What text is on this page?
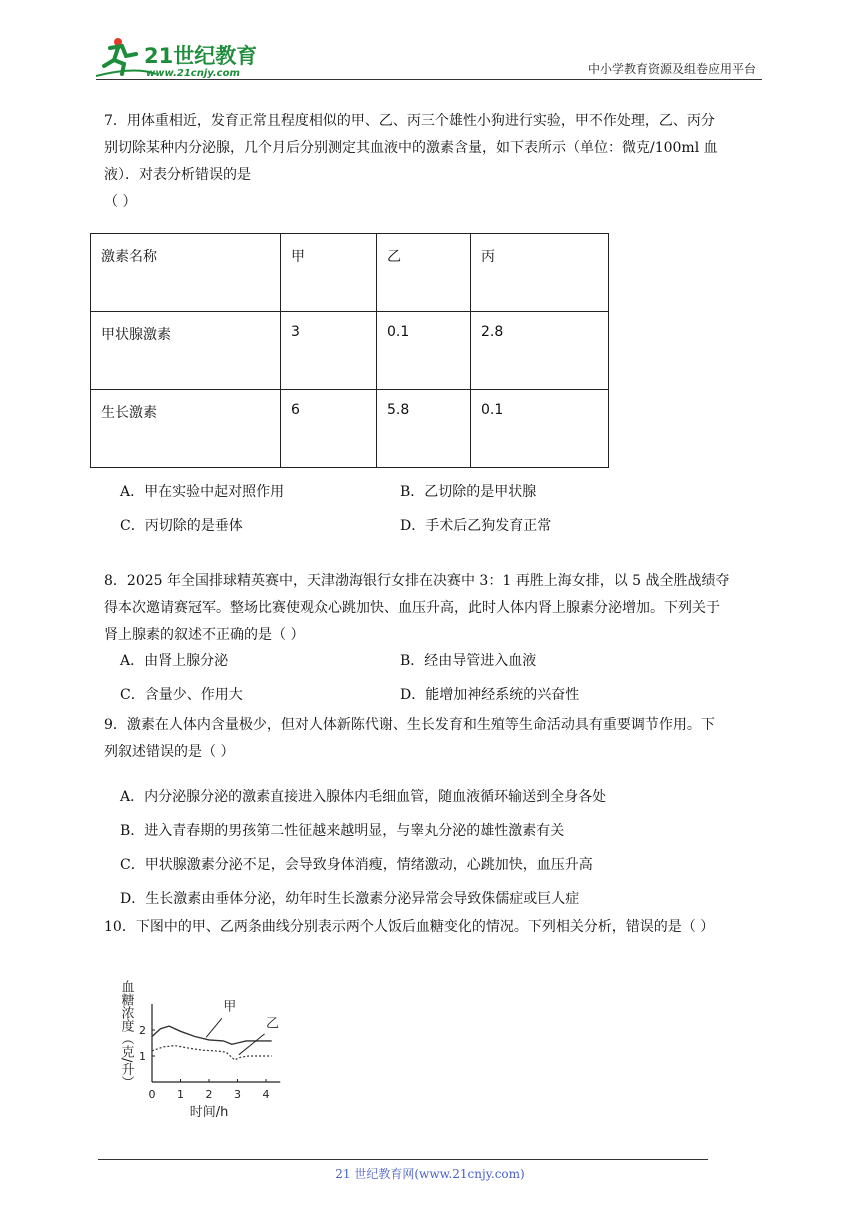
21世纪教育
www.21cnjy.com	中小学教育资源及组卷应用平台
7．用体重相近，发育正常且程度相似的甲、乙、丙三个雄性小狗进行实验，甲不作处理，乙、丙分
别切除某种内分泌腺，几个月后分别测定其血液中的激素含量，如下表所示（单位：微克/100ml 血
液）．对表分析错误的是
（ ）
激素名称	甲	乙	丙
甲状腺激素	3	0.1	2.8
生长激素	6	5.8	0.1
A．甲在实验中起对照作用	B．乙切除的是甲状腺
C．丙切除的是垂体	D．手术后乙狗发育正常
8．2025 年全国排球精英赛中，天津渤海银行女排在决赛中 3：1 再胜上海女排，以 5 战全胜战绩夺
得本次邀请赛冠军。整场比赛使观众心跳加快、血压升高，此时人体内肾上腺素分泌增加。下列关于
肾上腺素的叙述不正确的是（ ）
A．由肾上腺分泌	B．经由导管进入血液
C．含量少、作用大	D．能增加神经系统的兴奋性
9．激素在人体内含量极少，但对人体新陈代谢、生长发育和生殖等生命活动具有重要调节作用。下
列叙述错误的是（ ）
A．内分泌腺分泌的激素直接进入腺体内毛细血管，随血液循环输送到全身各处
B．进入青春期的男孩第二性征越来越明显，与睾丸分泌的雄性激素有关
C．甲状腺激素分泌不足，会导致身体消瘦，情绪激动，心跳加快，血压升高
D．生长激素由垂体分泌，幼年时生长激素分泌异常会导致侏儒症或巨人症
10．下图中的甲、乙两条曲线分别表示两个人饭后血糖变化的情况。下列相关分析，错误的是（ ）
0 1 2 3 4
1
2
血糖浓度（克/升）
时间/h
甲
乙
21 世纪教育网(www.21cnjy.com)
